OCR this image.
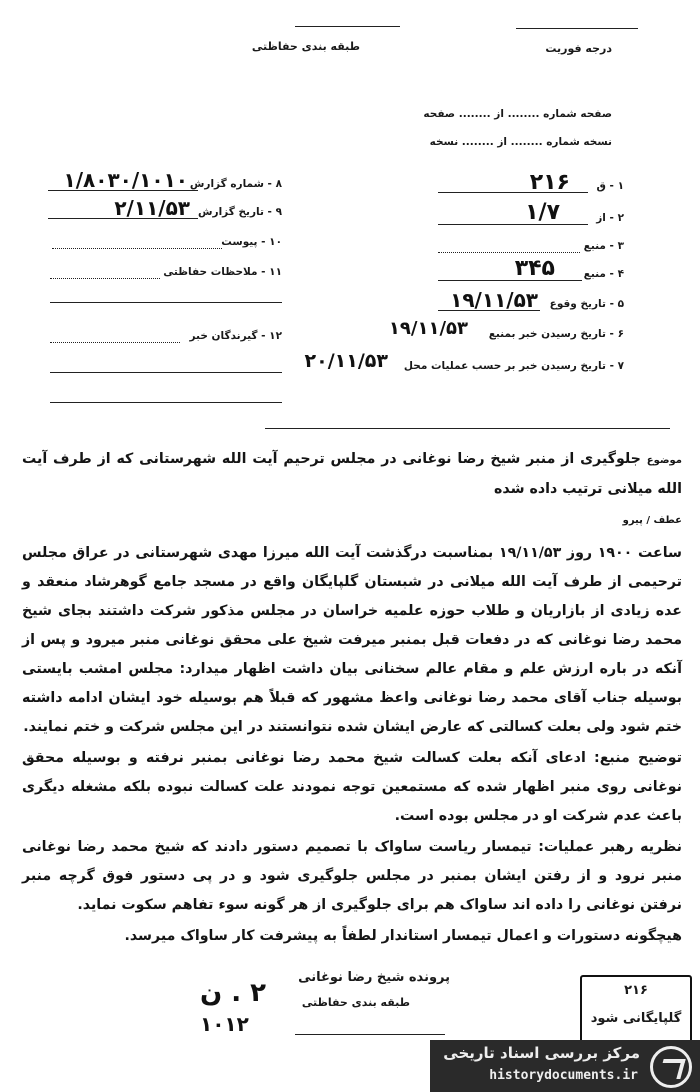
طبقه بندی حفاظتی	درجه فوریت
صفحه شماره ........ از ........ صفحه
نسخه شماره ........ از ........ نسخه
۱ - ق
۲۱۶
۲ - از
۱/۷
۳ - منبع
۴ - منبع
۳۴۵
۵ - تاریخ وقوع
۱۹/۱۱/۵۳
۶ - تاریخ رسیدن خبر بمنبع
۱۹/۱۱/۵۳
۷ - تاریخ رسیدن خبر بر حسب عملیات محل
۲۰/۱۱/۵۳
۸ - شماره گزارش
۱/۸۰۳۰/۱۰۱۰
۹ - تاریخ گزارش
۲/۱۱/۵۳
۱۰ - پیوست
۱۱ - ملاحظات حفاظتی
۱۲ - گیرندگان خبر

موضوع جلوگیری از منبر شیخ رضا نوغانی در مجلس ترحیم آیت الله شهرستانی که از طرف آیت الله میلانی ترتیب داده شده

عطف / پیرو

ساعت ۱۹۰۰ روز ۱۹/۱۱/۵۳ بمناسبت درگذشت آیت الله میرزا مهدی شهرستانی در عراق مجلس ترحیمی از طرف آیت الله میلانی در شبستان گلپایگان واقع در مسجد جامع گوهرشاد منعقد و عده زیادی از بازاریان و طلاب حوزه علمیه خراسان در مجلس مذکور شرکت داشتند بجای شیخ محمد رضا نوغانی که در دفعات قبل بمنبر میرفت شیخ علی محقق نوغانی منبر میرود و پس از آنکه در باره ارزش علم و مقام عالم سخنانی بیان داشت اظهار میدارد: مجلس امشب بایستی بوسیله جناب آقای محمد رضا نوغانی واعظ مشهور که قبلاً هم بوسیله خود ایشان ادامه داشته ختم شود ولی بعلت کسالتی که عارض ایشان شده نتوانستند در این مجلس شرکت و ختم نمایند.

توضیح منبع: ادعای آنکه بعلت کسالت شیخ محمد رضا نوغانی بمنبر نرفته و بوسیله محقق نوغانی روی منبر اظهار شده که مستمعین توجه نمودند علت کسالت نبوده بلکه مشغله دیگری باعث عدم شرکت او در مجلس بوده است.

نظریه رهبر عملیات: تیمسار ریاست ساواک با تصمیم دستور دادند که شیخ محمد رضا نوغانی منبر نرود و از رفتن ایشان بمنبر در مجلس جلوگیری شود و در پی دستور فوق گرچه منبر نرفتن نوغانی را داده اند ساواک هم برای جلوگیری از هر گونه سوء تفاهم سکوت نماید.

هیچگونه دستورات و اعمال تیمسار استاندار لطفاً به پیشرفت کار ساواک میرسد.

پرونده شیخ رضا نوغانی
طبقه بندی حفاظتی
۲ . ن
۱۰۱۲
۲۱۶
گلپایگانی شود
مرکز بررسی اسناد تاریخی
historydocuments.ir
